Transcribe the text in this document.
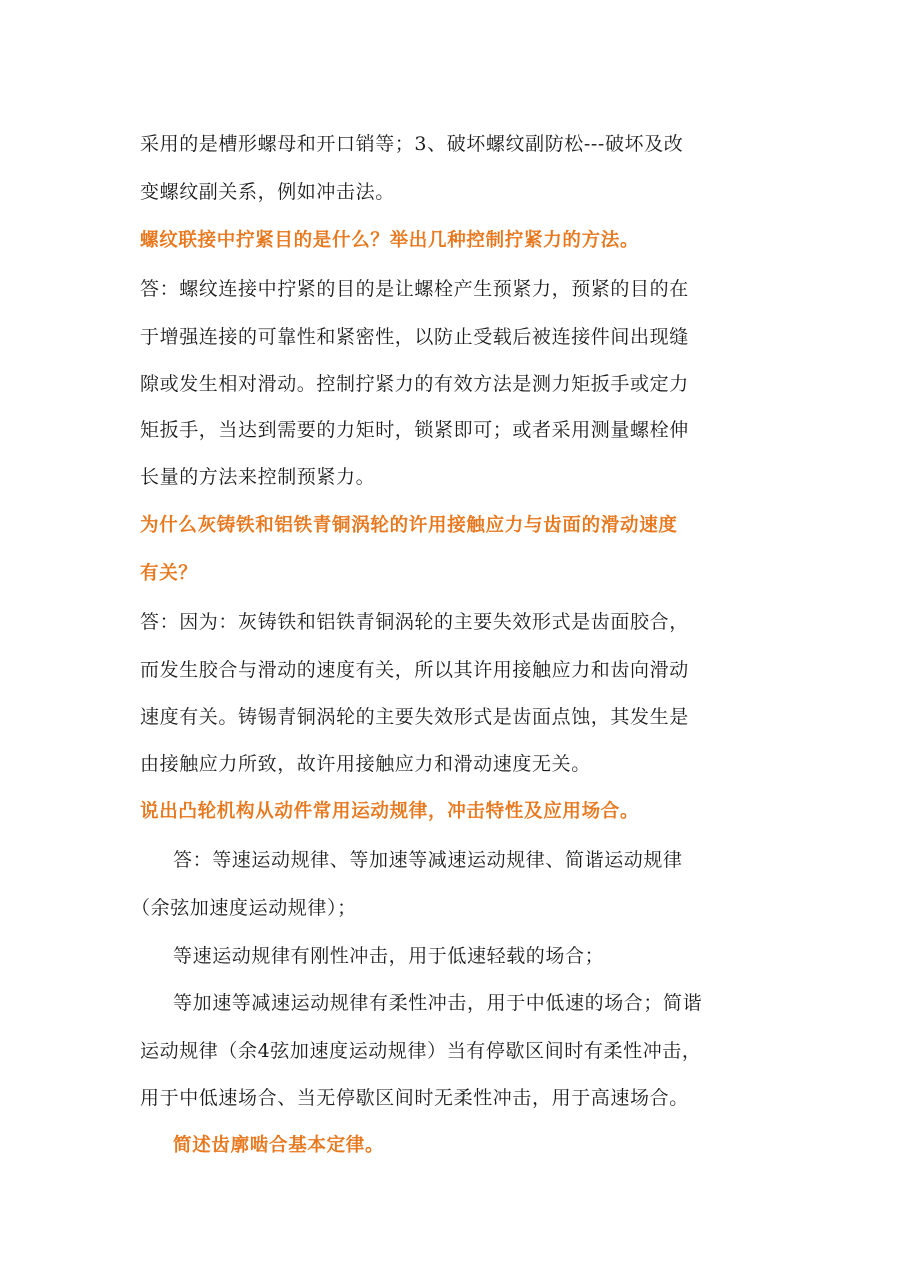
采用的是槽形螺母和开口销等；3、破坏螺纹副防松---破坏及改
变螺纹副关系，例如冲击法。
螺纹联接中拧紧目的是什么？举出几种控制拧紧力的方法。
答：螺纹连接中拧紧的目的是让螺栓产生预紧力，预紧的目的在
于增强连接的可靠性和紧密性，以防止受载后被连接件间出现缝
隙或发生相对滑动。控制拧紧力的有效方法是测力矩扳手或定力
矩扳手，当达到需要的力矩时，锁紧即可；或者采用测量螺栓伸
长量的方法来控制预紧力。
为什么灰铸铁和铝铁青铜涡轮的许用接触应力与齿面的滑动速度
有关？
答：因为：灰铸铁和铝铁青铜涡轮的主要失效形式是齿面胶合，
而发生胶合与滑动的速度有关，所以其许用接触应力和齿向滑动
速度有关。铸锡青铜涡轮的主要失效形式是齿面点蚀，其发生是
由接触应力所致，故许用接触应力和滑动速度无关。
说出凸轮机构从动件常用运动规律，冲击特性及应用场合。
答：等速运动规律、等加速等减速运动规律、简谐运动规律
（余弦加速度运动规律）；
等速运动规律有刚性冲击，用于低速轻载的场合；
等加速等减速运动规律有柔性冲击，用于中低速的场合；简谐
运动规律（余4弦加速度运动规律）当有停歇区间时有柔性冲击，
用于中低速场合、当无停歇区间时无柔性冲击，用于高速场合。
简述齿廓啮合基本定律。
